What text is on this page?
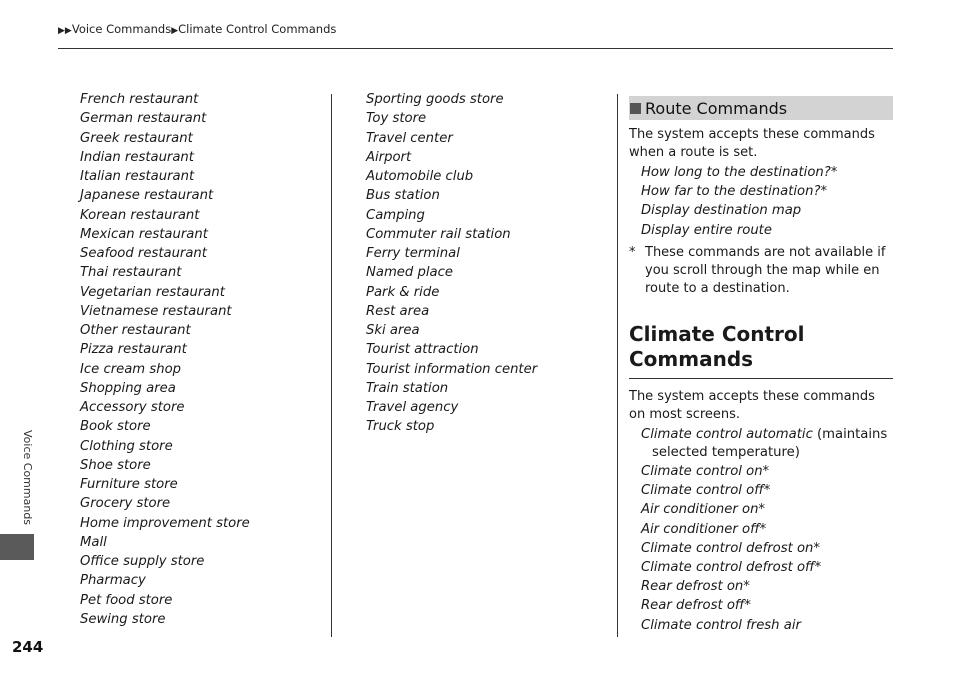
▶▶Voice Commands▶Climate Control Commands

French restaurant

German restaurant

Greek restaurant

Indian restaurant

Italian restaurant

Japanese restaurant

Korean restaurant

Mexican restaurant

Seafood restaurant

Thai restaurant

Vegetarian restaurant

Vietnamese restaurant

Other restaurant

Pizza restaurant

Ice cream shop

Shopping area

Accessory store

Book store

Clothing store

Shoe store

Furniture store

Grocery store

Home improvement store

Mall

Office supply store

Pharmacy

Pet food store

Sewing store

Sporting goods store

Toy store

Travel center

Airport

Automobile club

Bus station

Camping

Commuter rail station

Ferry terminal

Named place

Park & ride

Rest area

Ski area

Tourist attraction

Tourist information center

Train station

Travel agency

Truck stop

Route Commands

The system accepts these commands when a route is set.

How long to the destination?*
How far to the destination?*
Display destination map
Display entire route
* These commands are not available if you scroll through the map while en route to a destination.
Climate Control Commands

The system accepts these commands on most screens.

Climate control automatic (maintains
selected temperature)
Climate control on*
Climate control off*
Air conditioner on*
Air conditioner off*
Climate control defrost on*
Climate control defrost off*
Rear defrost on*
Rear defrost off*
Climate control fresh air
Voice Commands
244
